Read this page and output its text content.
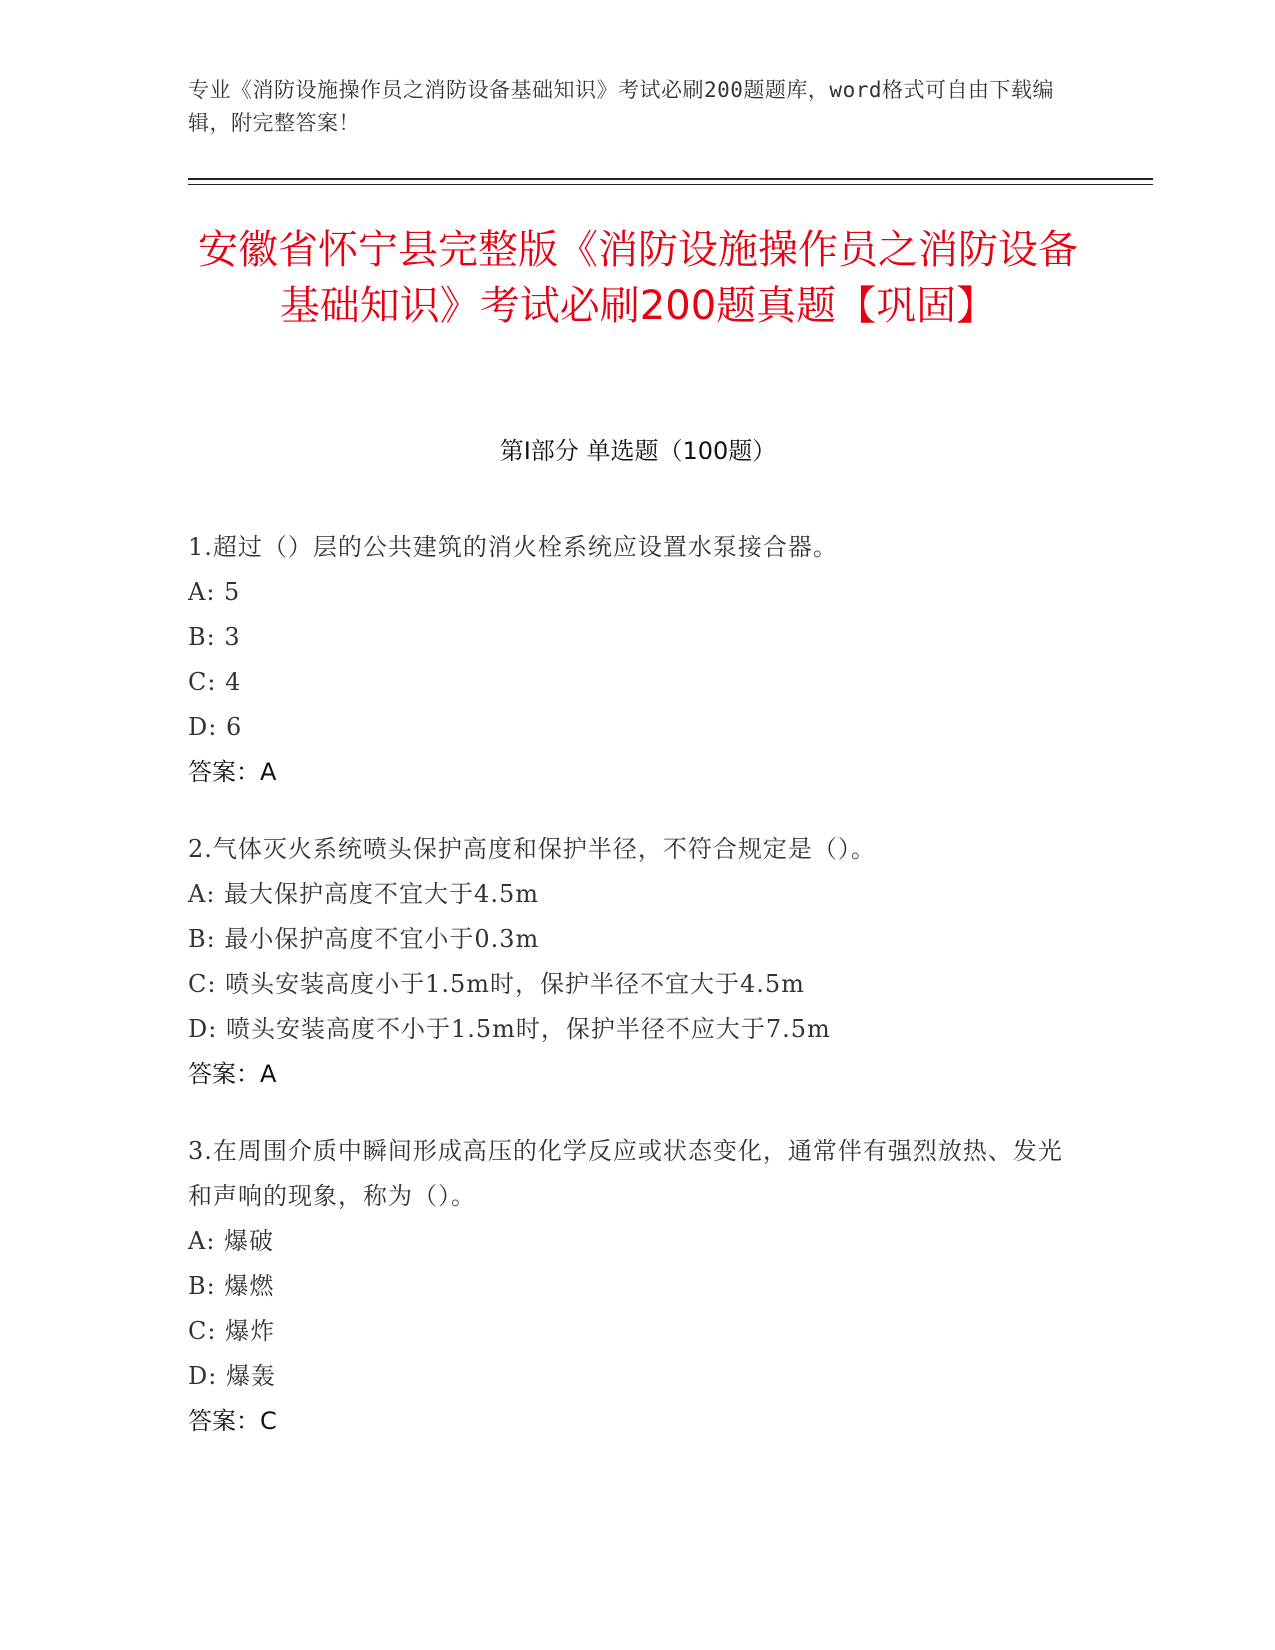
专业《消防设施操作员之消防设备基础知识》考试必刷200题题库，word格式可自由下载编辑，附完整答案！
安徽省怀宁县完整版《消防设施操作员之消防设备基础知识》考试必刷200题真题【巩固】
第I部分 单选题（100题）
1.超过（）层的公共建筑的消火栓系统应设置水泵接合器。
A: 5
B: 3
C: 4
D: 6
答案：A
2.气体灭火系统喷头保护高度和保护半径，不符合规定是（）。
A: 最大保护高度不宜大于4.5m
B: 最小保护高度不宜小于0.3m
C: 喷头安装高度小于1.5m时，保护半径不宜大于4.5m
D: 喷头安装高度不小于1.5m时，保护半径不应大于7.5m
答案：A
3.在周围介质中瞬间形成高压的化学反应或状态变化，通常伴有强烈放热、发光和声响的现象，称为（）。
A: 爆破
B: 爆燃
C: 爆炸
D: 爆轰
答案：C
